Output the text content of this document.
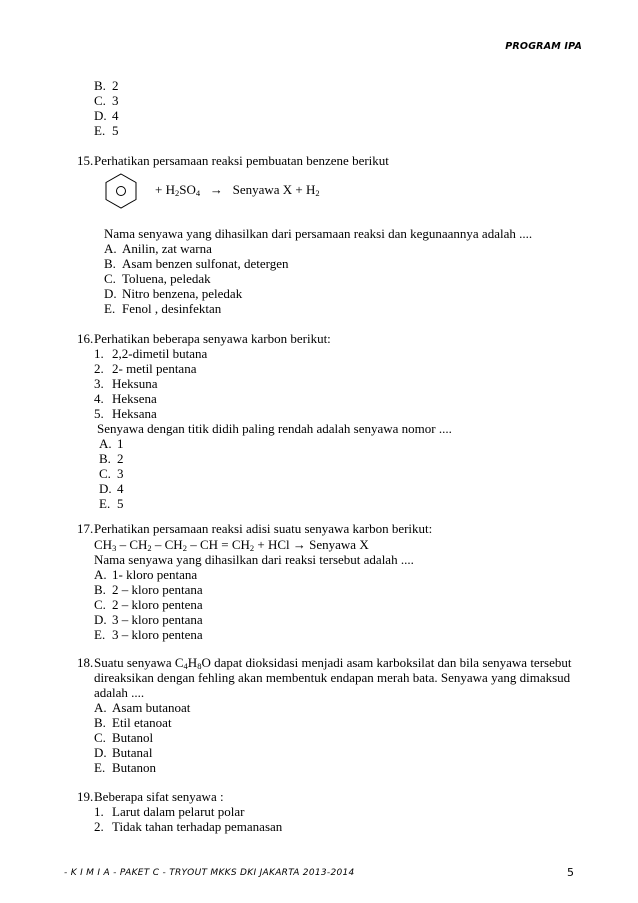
PROGRAM IPA
B. 2
C. 3
D. 4
E. 5
15.Perhatikan persamaan reaksi pembuatan benzene berikut
+ $H_2SO_4$ → Senyawa $X + H_2$
Nama senyawa yang dihasilkan dari persamaan reaksi dan kegunaannya adalah ....
A. Anilin, zat warna
B. Asam benzen sulfonat, detergen
C. Toluena, peledak
D. Nitro benzena, peledak
E. Fenol , desinfektan
16.Perhatikan beberapa senyawa karbon berikut:
1. 2,2-dimetil butana
2. 2- metil pentana
3. Heksuna
4. Heksena
5. Heksana
Senyawa dengan titik didih paling rendah adalah senyawa nomor ....
A. 1
B. 2
C. 3
D. 4
E. 5
17.Perhatikan persamaan reaksi adisi suatu senyawa karbon berikut:
$CH_3 - CH_2 - CH_2$ – CH = $CH_2$ + HCl → Senyawa X
Nama senyawa yang dihasilkan dari reaksi tersebut adalah ....
A. 1- kloro pentana
B. 2 – kloro pentana
C. 2 – kloro pentena
D. 3 – kloro pentana
E. 3 – kloro pentena
18.Suatu senyawa $C_4H_8O$ dapat dioksidasi menjadi asam karboksilat dan bila senyawa tersebut
direaksikan dengan fehling akan membentuk endapan merah bata. Senyawa yang dimaksud
adalah ....
A. Asam butanoat
B. Etil etanoat
C. Butanol
D. Butanal
E. Butanon
19.Beberapa sifat senyawa :
1. Larut dalam pelarut polar
2. Tidak tahan terhadap pemanasan
- K I M I A - PAKET C - TRYOUT MKKS DKI JAKARTA 2013-2014	5
